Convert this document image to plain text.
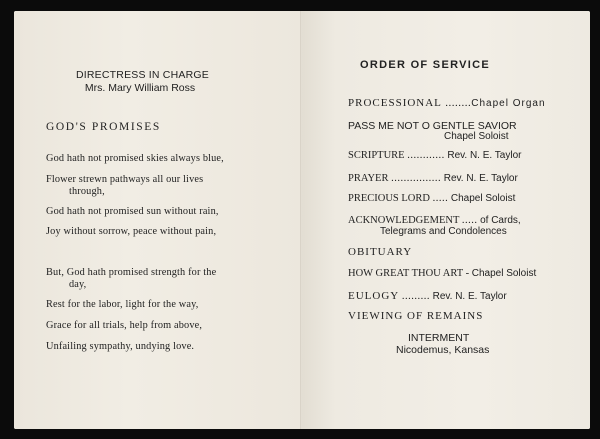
DIRECTRESS IN CHARGE
Mrs. Mary William Ross
GOD'S PROMISES
God hath not promised skies always blue,
Flower strewn pathways all our lives
through,
God hath not promised sun without rain,
Joy without sorrow, peace without pain,
But, God hath promised strength for the
day,
Rest for the labor, light for the way,
Grace for all trials, help from above,
Unfailing sympathy, undying love.
ORDER OF SERVICE
PROCESSIONAL ........Chapel Organ
PASS ME NOT O GENTLE SAVIOR
Chapel Soloist
SCRIPTURE ............ Rev. N. E. Taylor
PRAYER ................ Rev. N. E. Taylor
PRECIOUS LORD ..... Chapel Soloist
ACKNOWLEDGEMENT ..... of Cards,
Telegrams and Condolences
OBITUARY
HOW GREAT THOU ART - Chapel Soloist
EULOGY ......... Rev. N. E. Taylor
VIEWING OF REMAINS
INTERMENT
Nicodemus, Kansas
